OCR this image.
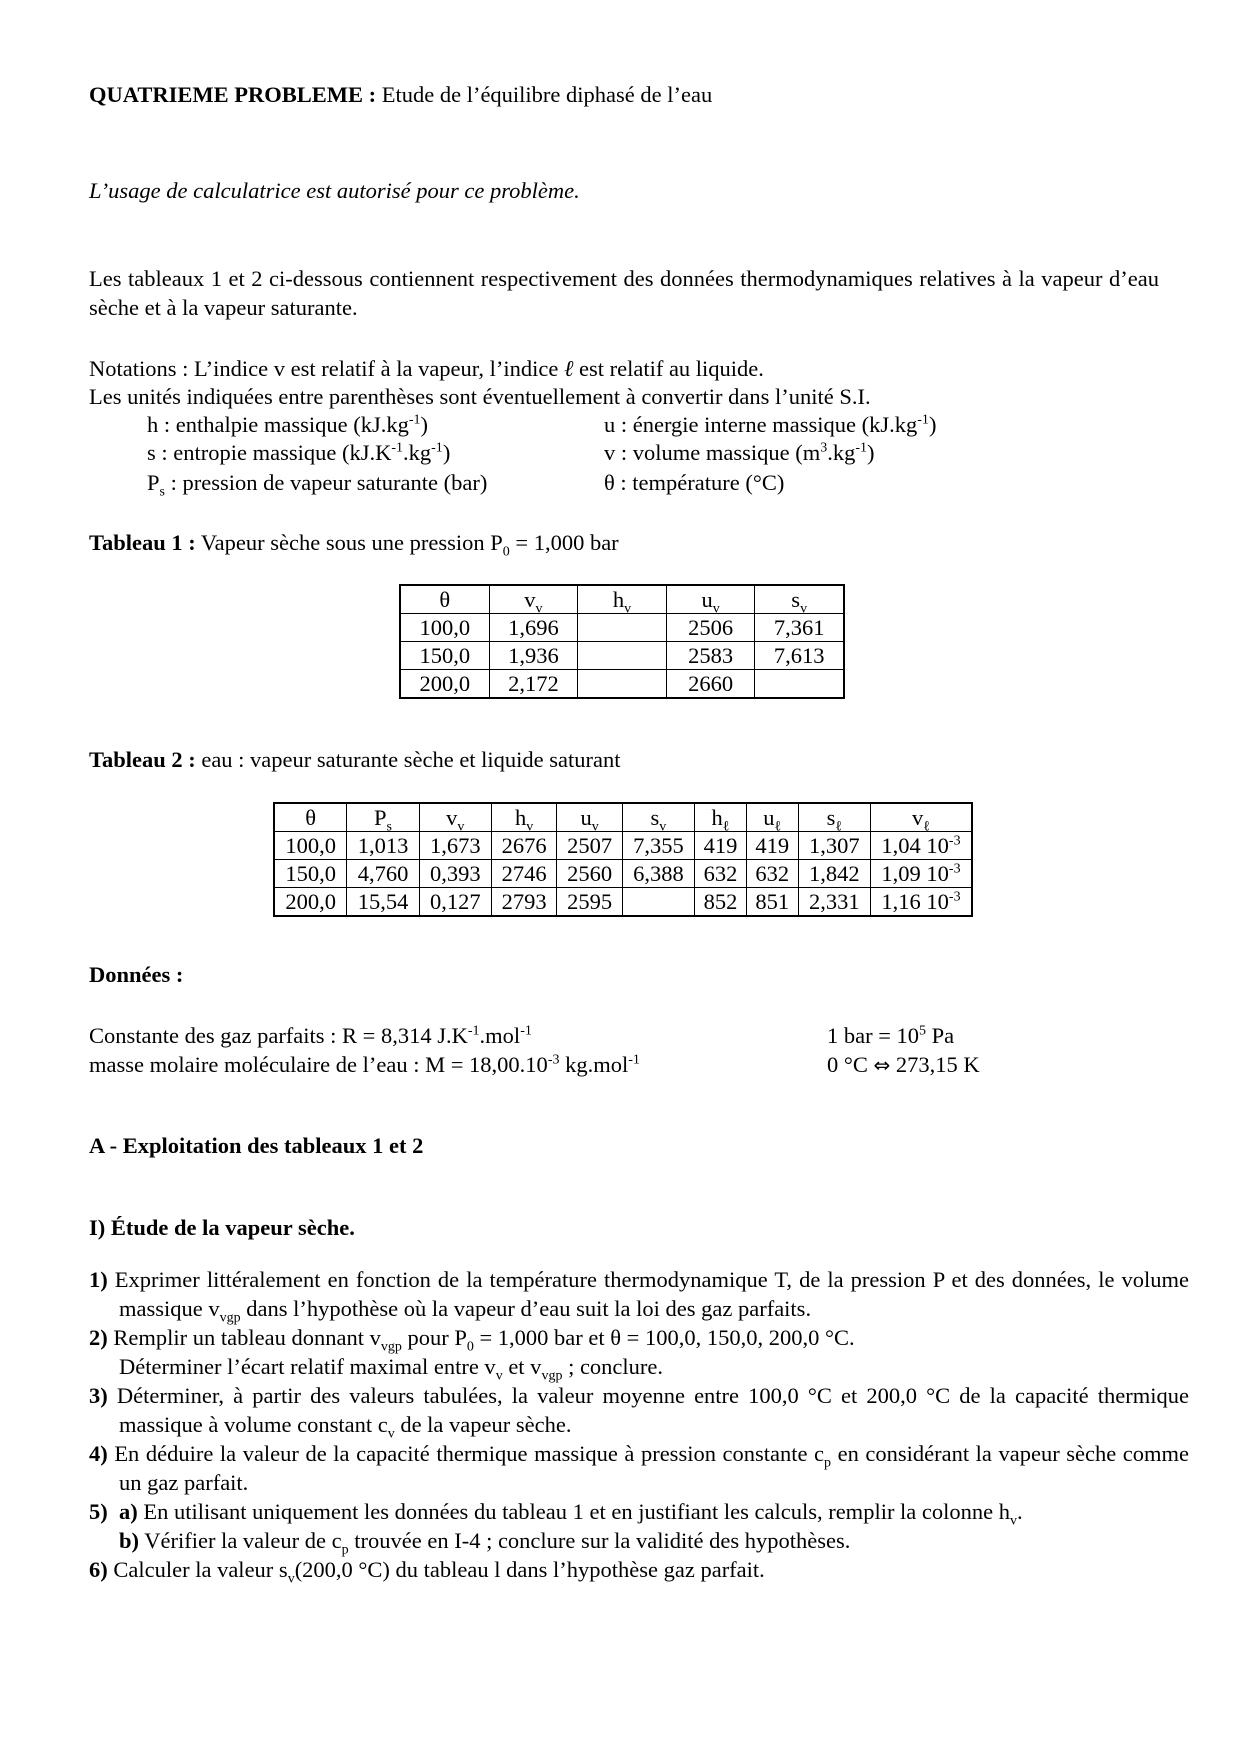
QUATRIEME PROBLEME : Etude de l’équilibre diphasé de l’eau
L’usage de calculatrice est autorisé pour ce problème.
Les tableaux 1 et 2 ci-dessous contiennent respectivement des données thermodynamiques relatives à la vapeur d’eau sèche et à la vapeur saturante.
Notations : L’indice v est relatif à la vapeur, l’indice ℓ est relatif au liquide.
Les unités indiquées entre parenthèses sont éventuellement à convertir dans l’unité S.I.
h : enthalpie massique $(kJ.kg^{-1})$	u : énergie interne massique $(kJ.kg^{-1})$
s : entropie massique $(kJ.K^{-1}.kg^{-1})$	v : volume massique $(m^3.kg^{-1})$
$P_s$ : pression de vapeur saturante (bar)	θ : température (°C)
Tableau 1 : Vapeur sèche sous une pression $P_0 = 1,000$ bar
θ	$v_v$	$h_v$	$u_v$	$s_v$
100,0	1,696		2506	7,361
150,0	1,936		2583	7,613
200,0	2,172		2660	
Tableau 2 : eau : vapeur saturante sèche et liquide saturant
θ	$P_s$	$v_v$	$h_v$	$u_v$	$s_v$	$h_\ell$	$u_\ell$	$s_\ell$	$v_\ell$
100,0	1,013	1,673	2676	2507	7,355	419	419	1,307	1,04 $10^{-3}$
150,0	4,760	0,393	2746	2560	6,388	632	632	1,842	1,09 $10^{-3}$
200,0	15,54	0,127	2793	2595		852	851	2,331	1,16 $10^{-3}$
Données :
Constante des gaz parfaits : R = 8,314 $J.K^{-1}.mol^{-1}$	1 bar = $10^5$ Pa
masse molaire moléculaire de l’eau : $M = 18,00.10^{-3}$ kg.mol$^{-1}$	0 °C ⇔ 273,15 K
A - Exploitation des tableaux 1 et 2
I) Étude de la vapeur sèche.
1) Exprimer littéralement en fonction de la température thermodynamique T, de la pression P et des données, le volume massique $v_{vgp}$ dans l’hypothèse où la vapeur d’eau suit la loi des gaz parfaits.
2) Remplir un tableau donnant $v_{vgp}$ pour $P_0 = 1,000$ bar et θ = 100,0, 150,0, 200,0 °C.
Déterminer l’écart relatif maximal entre $v_v$ et $v_{vgp}$ ; conclure.
3) Déterminer, à partir des valeurs tabulées, la valeur moyenne entre 100,0 °C et 200,0 °C de la capacité thermique massique à volume constant $c_v$ de la vapeur sèche.
4) En déduire la valeur de la capacité thermique massique à pression constante $c_p$ en considérant la vapeur sèche comme un gaz parfait.
5) a) En utilisant uniquement les données du tableau 1 et en justifiant les calculs, remplir la colonne $h_v$.
b) Vérifier la valeur de $c_p$ trouvée en I-4 ; conclure sur la validité des hypothèses.
6) Calculer la valeur $s_v(200,0$ °C) du tableau l dans l’hypothèse gaz parfait.
